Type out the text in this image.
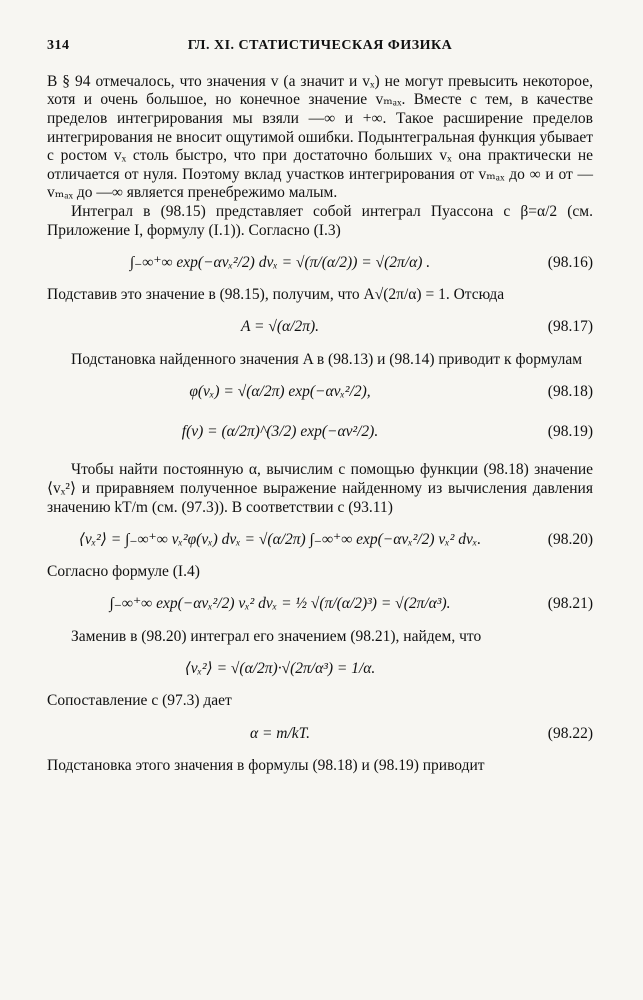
314	ГЛ. XI. СТАТИСТИЧЕСКАЯ ФИЗИКА

В § 94 отмечалось, что значения v (а значит и vₓ) не могут превысить некоторое, хотя и очень большое, но конечное значение vₘₐₓ. Вместе с тем, в качестве пределов интегрирования мы взяли —∞ и +∞. Такое расширение пределов интегрирования не вносит ощутимой ошибки. Подынтегральная функция убывает с ростом vₓ столь быстро, что при достаточно больших vₓ она практически не отличается от нуля. Поэтому вклад участков интегрирования от vₘₐₓ до ∞ и от —vₘₐₓ до —∞ является пренебрежимо малым.

Интеграл в (98.15) представляет собой интеграл Пуассона с β=α/2 (см. Приложение I, формулу (I.1)). Согласно (I.3)

∫₋∞⁺∞ exp(−αvₓ²/2) dvₓ = √(π/(α/2)) = √(2π/α) .	(98.16)

Подставив это значение в (98.15), получим, что A√(2π/α) = 1. Отсюда

A = √(α/2π).	(98.17)

Подстановка найденного значения A в (98.13) и (98.14) приводит к формулам

φ(vₓ) = √(α/2π) exp(−αvₓ²/2),	(98.18)
f(v) = (α/2π)^(3/2) exp(−αv²/2).	(98.19)

Чтобы найти постоянную α, вычислим с помощью функции (98.18) значение ⟨vₓ²⟩ и приравняем полученное выражение найденному из вычисления давления значению kT/m (см. (97.3)). В соответствии с (93.11)

⟨vₓ²⟩ = ∫₋∞⁺∞ vₓ²φ(vₓ) dvₓ = √(α/2π) ∫₋∞⁺∞ exp(−αvₓ²/2) vₓ² dvₓ.	(98.20)

Согласно формуле (I.4)

∫₋∞⁺∞ exp(−αvₓ²/2) vₓ² dvₓ = ½ √(π/(α/2)³) = √(2π/α³).	(98.21)

Заменив в (98.20) интеграл его значением (98.21), найдем, что

⟨vₓ²⟩ = √(α/2π)·√(2π/α³) = 1/α.

Сопоставление с (97.3) дает

α = m/kT.	(98.22)

Подстановка этого значения в формулы (98.18) и (98.19) приводит
